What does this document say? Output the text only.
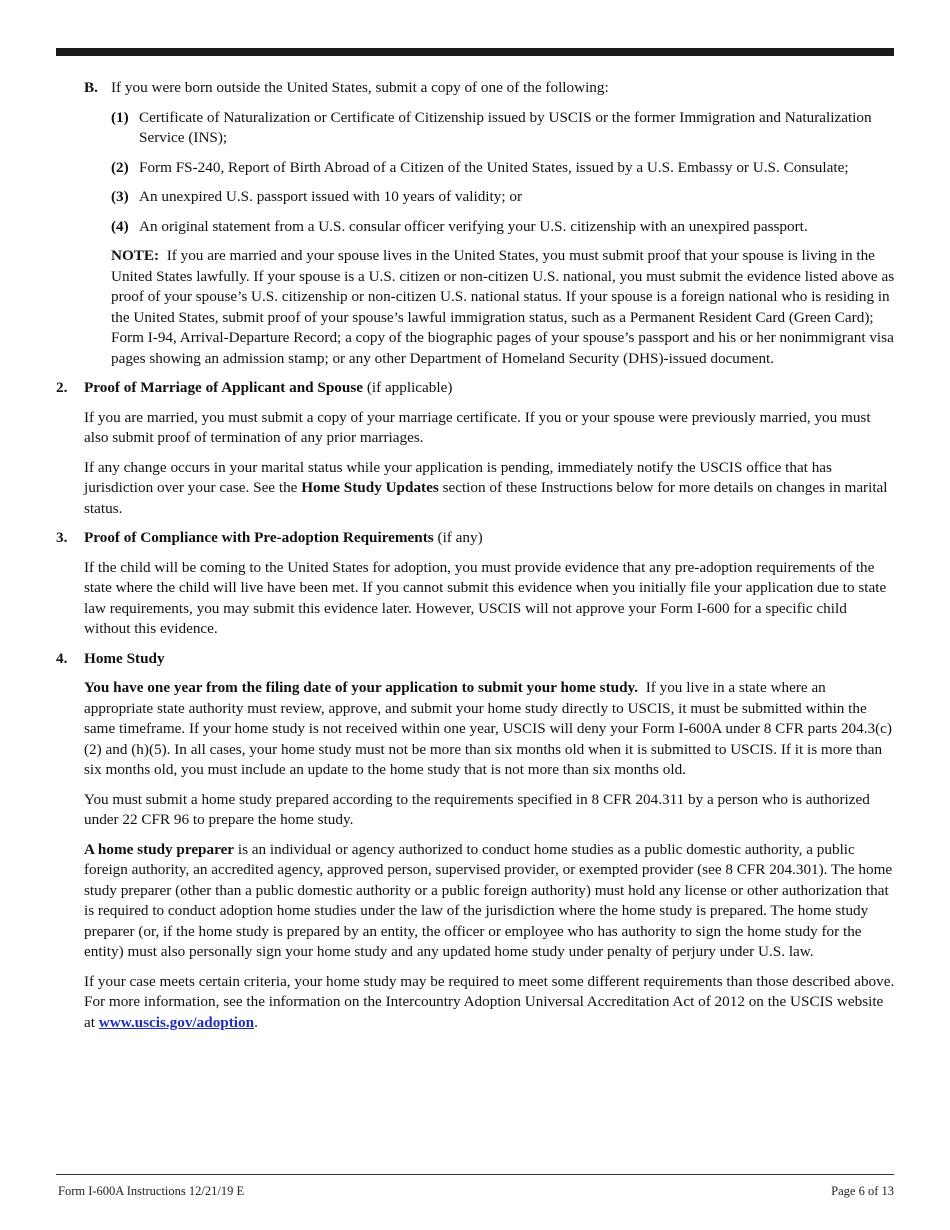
B. If you were born outside the United States, submit a copy of one of the following:

(1) Certificate of Naturalization or Certificate of Citizenship issued by USCIS or the former Immigration and Naturalization Service (INS);
(2) Form FS-240, Report of Birth Abroad of a Citizen of the United States, issued by a U.S. Embassy or U.S. Consulate;
(3) An unexpired U.S. passport issued with 10 years of validity; or
(4) An original statement from a U.S. consular officer verifying your U.S. citizenship with an unexpired passport.

NOTE: If you are married and your spouse lives in the United States, you must submit proof that your spouse is living in the United States lawfully. If your spouse is a U.S. citizen or non-citizen U.S. national, you must submit the evidence listed above as proof of your spouse’s U.S. citizenship or non-citizen U.S. national status. If your spouse is a foreign national who is residing in the United States, submit proof of your spouse’s lawful immigration status, such as a Permanent Resident Card (Green Card); Form I-94, Arrival-Departure Record; a copy of the biographic pages of your spouse’s passport and his or her nonimmigrant visa pages showing an admission stamp; or any other Department of Homeland Security (DHS)-issued document.

2. Proof of Marriage of Applicant and Spouse (if applicable)

If you are married, you must submit a copy of your marriage certificate. If you or your spouse were previously married, you must also submit proof of termination of any prior marriages.

If any change occurs in your marital status while your application is pending, immediately notify the USCIS office that has jurisdiction over your case. See the Home Study Updates section of these Instructions below for more details on changes in marital status.

3. Proof of Compliance with Pre-adoption Requirements (if any)

If the child will be coming to the United States for adoption, you must provide evidence that any pre-adoption requirements of the state where the child will live have been met. If you cannot submit this evidence when you initially file your application due to state law requirements, you may submit this evidence later. However, USCIS will not approve your Form I-600 for a specific child without this evidence.

4. Home Study

You have one year from the filing date of your application to submit your home study. If you live in a state where an appropriate state authority must review, approve, and submit your home study directly to USCIS, it must be submitted within the same timeframe. If your home study is not received within one year, USCIS will deny your Form I-600A under 8 CFR parts 204.3(c)(2) and (h)(5). In all cases, your home study must not be more than six months old when it is submitted to USCIS. If it is more than six months old, you must include an update to the home study that is not more than six months old.

You must submit a home study prepared according to the requirements specified in 8 CFR 204.311 by a person who is authorized under 22 CFR 96 to prepare the home study.

A home study preparer is an individual or agency authorized to conduct home studies as a public domestic authority, a public foreign authority, an accredited agency, approved person, supervised provider, or exempted provider (see 8 CFR 204.301). The home study preparer (other than a public domestic authority or a public foreign authority) must hold any license or other authorization that is required to conduct adoption home studies under the law of the jurisdiction where the home study is prepared. The home study preparer (or, if the home study is prepared by an entity, the officer or employee who has authority to sign the home study for the entity) must also personally sign your home study and any updated home study under penalty of perjury under U.S. law.

If your case meets certain criteria, your home study may be required to meet some different requirements than those described above. For more information, see the information on the Intercountry Adoption Universal Accreditation Act of 2012 on the USCIS website at www.uscis.gov/adoption.

Form I-600A Instructions 12/21/19 E	Page 6 of 13
